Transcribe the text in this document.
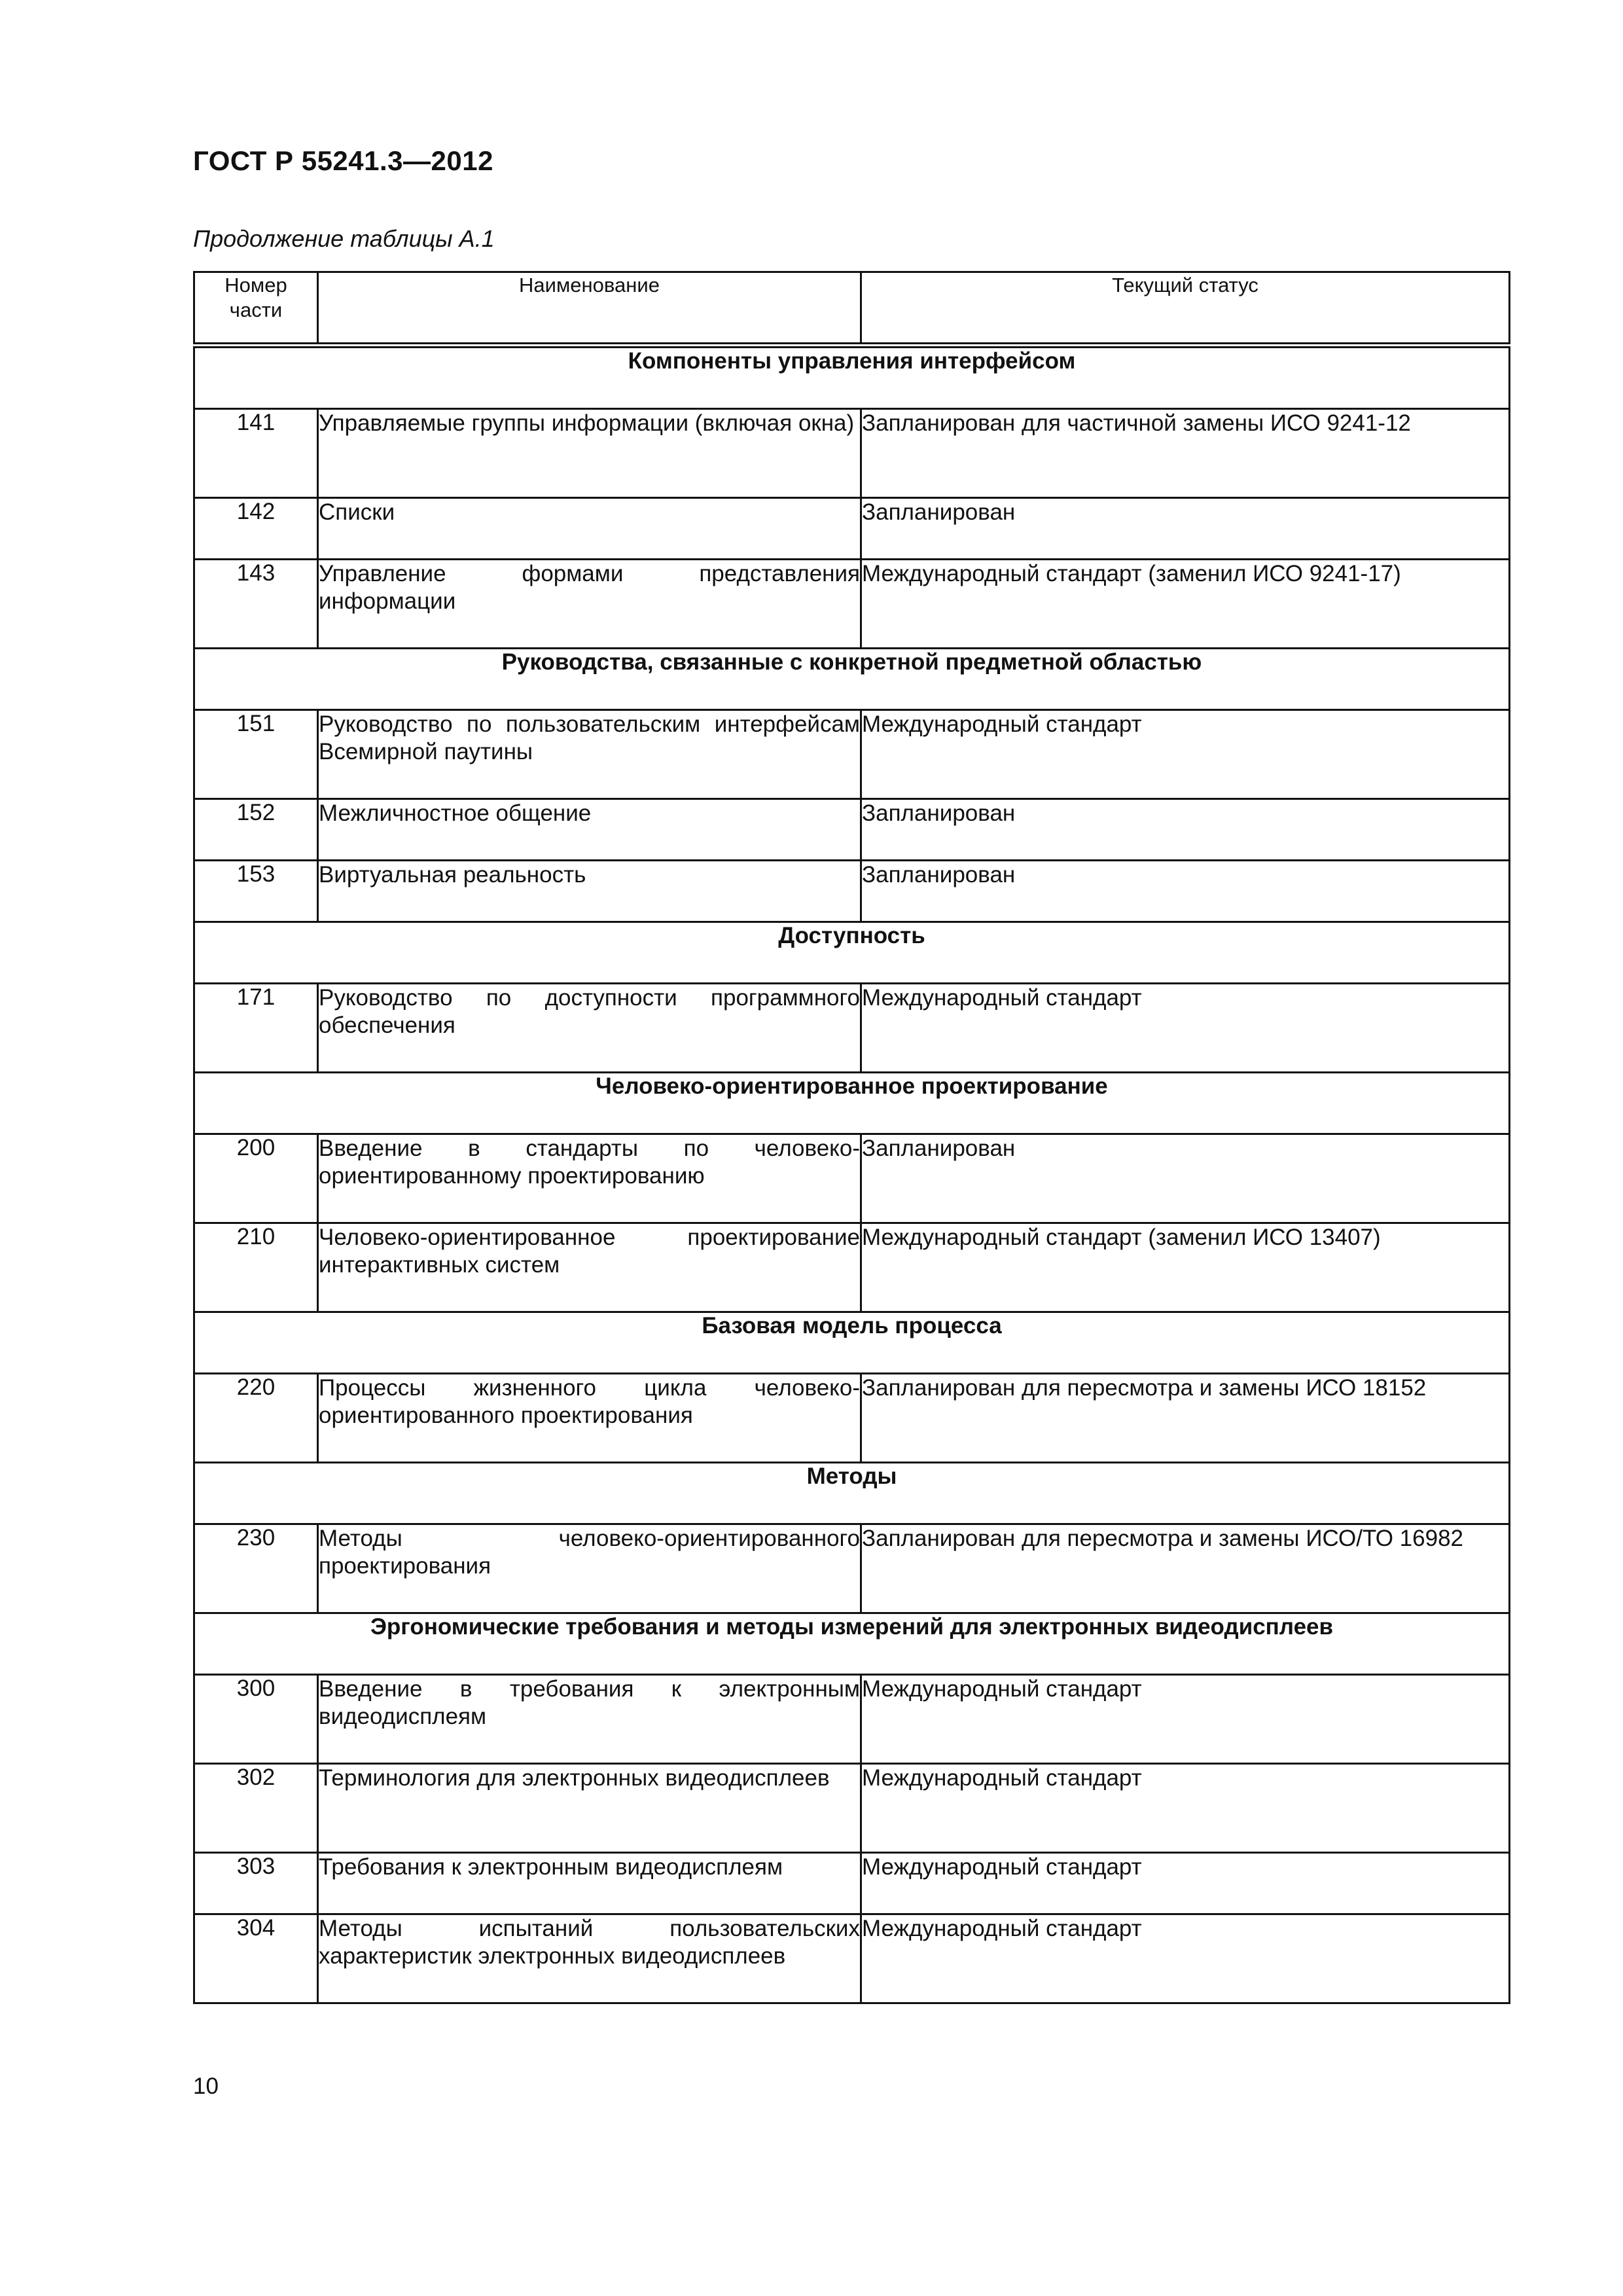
ГОСТ Р 55241.3—2012
Продолжение таблицы А.1
Номер части	Наименование	Текущий статус
Компоненты управления интерфейсом		
141	Управляемые группы информации (включая окна)	Запланирован для частичной замены ИСО 9241-12
142	Списки	Запланирован
143	Управление формами представления информации	Международный стандарт (заменил ИСО 9241-17)
Руководства, связанные с конкретной предметной областью		
151	Руководство по пользовательским интерфейсам Всемирной паутины	Международный стандарт
152	Межличностное общение	Запланирован
153	Виртуальная реальность	Запланирован
Доступность		
171	Руководство по доступности программного обеспечения	Международный стандарт
Человеко-ориентированное проектирование		
200	Введение в стандарты по человеко-ориентированному проектированию	Запланирован
210	Человеко-ориентированное проектирование интерактивных систем	Международный стандарт (заменил ИСО 13407)
Базовая модель процесса		
220	Процессы жизненного цикла человеко-ориентированного проектирования	Запланирован для пересмотра и замены ИСО 18152
Методы		
230	Методы человеко-ориентированного проектирования	Запланирован для пересмотра и замены ИСО/ТО 16982
Эргономические требования и методы измерений для электронных видеодисплеев		
300	Введение в требования к электронным видеодисплеям	Международный стандарт
302	Терминология для электронных видеодисплеев	Международный стандарт
303	Требования к электронным видеодисплеям	Международный стандарт
304	Методы испытаний пользовательских характеристик электронных видеодисплеев	Международный стандарт
10
